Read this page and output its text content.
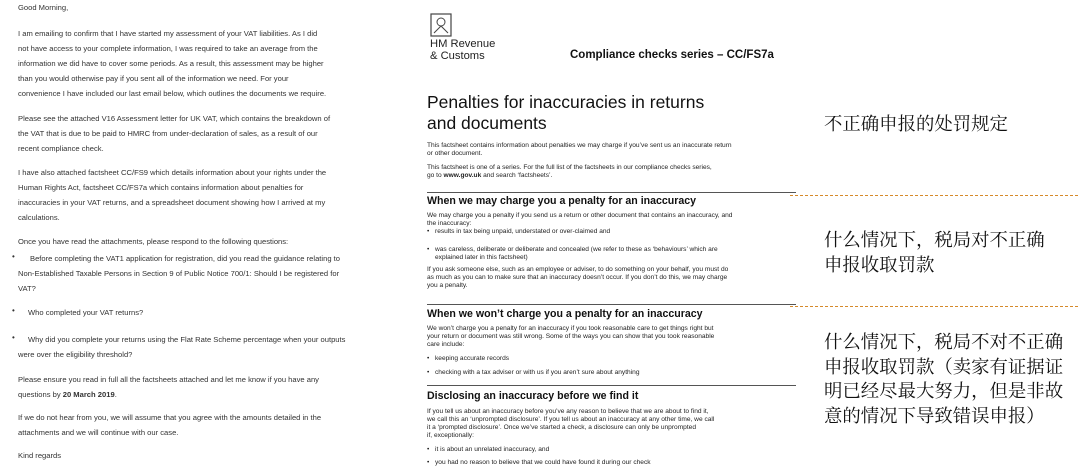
Good Morning,

I am emailing to confirm that I have started my assessment of your VAT liabilities. As I did

not have access to your complete information, I was required to take an average from the

information we did have to cover some periods. As a result, this assessment may be higher

than you would otherwise pay if you sent all of the information we need. For your

convenience I have included our last email below, which outlines the documents we require.

Please see the attached V16 Assessment letter for UK VAT, which contains the breakdown of

the VAT that is due to be paid to HMRC from under-declaration of sales, as a result of our

recent compliance check.

I have also attached factsheet CC/FS9 which details information about your rights under the

Human Rights Act, factsheet CC/FS7a which contains information about penalties for

inaccuracies in your VAT returns, and a spreadsheet document showing how I arrived at my

calculations.

Once you have read the attachments, please respond to the following questions:

• Before completing the VAT1 application for registration, did you read the guidance relating to

Non-Established Taxable Persons in Section 9 of Public Notice 700/1: Should I be registered for

VAT?

• Who completed your VAT returns?

• Why did you complete your returns using the Flat Rate Scheme percentage when your outputs

were over the eligibility threshold?

Please ensure you read in full all the factsheets attached and let me know if you have any

questions by 20 March 2019.

If we do not hear from you, we will assume that you agree with the amounts detailed in the

attachments and we will continue with our case.

Kind regards

HM Revenue
& Customs	Compliance checks series – CC/FS7a
Penalties for inaccuracies in returns
and documents
This factsheet contains information about penalties we may charge if you’ve sent us an inaccurate return
or other document.
This factsheet is one of a series. For the full list of the factsheets in our compliance checks series,
go to www.gov.uk and search ‘factsheets’.
When we may charge you a penalty for an inaccuracy
We may charge you a penalty if you send us a return or other document that contains an inaccuracy, and
the inaccuracy:
• results in tax being unpaid, understated or over-claimed and
• was careless, deliberate or deliberate and concealed (we refer to these as ‘behaviours’ which are
explained later in this factsheet)
If you ask someone else, such as an employee or adviser, to do something on your behalf, you must do
as much as you can to make sure that an inaccuracy doesn’t occur. If you don’t do this, we may charge
you a penalty.
When we won’t charge you a penalty for an inaccuracy
We won’t charge you a penalty for an inaccuracy if you took reasonable care to get things right but
your return or document was still wrong. Some of the ways you can show that you took reasonable
care include:
• keeping accurate records
• checking with a tax adviser or with us if you aren’t sure about anything
Disclosing an inaccuracy before we find it
If you tell us about an inaccuracy before you’ve any reason to believe that we are about to find it,
we call this an ‘unprompted disclosure’. If you tell us about an inaccuracy at any other time, we call
it a ‘prompted disclosure’. Once we’ve started a check, a disclosure can only be unprompted
if, exceptionally:
• it is about an unrelated inaccuracy, and
• you had no reason to believe that we could have found it during our check
不正确申报的处罚规定
什么情况下，税局对不正确
申报收取罚款
什么情况下，税局不对不正确
申报收取罚款（卖家有证据证
明已经尽最大努力，但是非故
意的情况下导致错误申报）
